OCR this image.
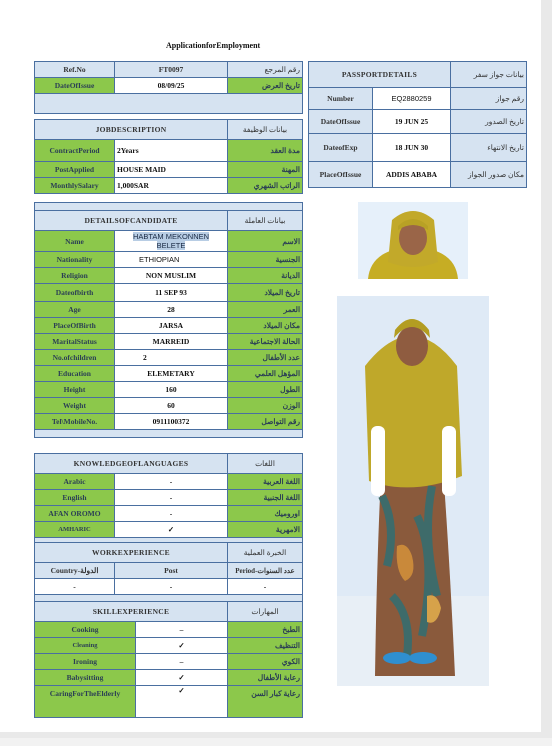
ApplicationforEmployment
Ref.No	FT0097	رقم المرجع
DateOfIssue	08/09/25	تاريخ العرض

JOBDESCRIPTION		بيانات الوظيفة
ContractPeriod	2Years	مدة العقد
PostApplied	HOUSE MAID	المهنة
MonthlySalary	1,000SAR	الراتب الشهري
PASSPORTDETAILS		بيانات جواز سفر
Number	EQ2880259	رقم جواز
DateOfIssue	19 JUN 25	تاريخ الصدور
DateofExp	18 JUN 30	تاريخ الانتهاء
PlaceOfIssue	ADDIS ABABA	مكان صدور الجواز

DETAILSOFCANDIDATE		بيانات العاملة
Name	HABTAM MEKONNEN BELETE	الاسم
Nationality	ETHIOPIAN	الجنسية
Religion	NON MUSLIM	الديانة
Dateofbirth	11 SEP 93	تاريخ الميلاد
Age	28	العمر
PlaceOfBirth	JARSA	مكان الميلاد
MaritalStatus	MARREID	الحالة الاجتماعية
No.ofchildren	2	عدد الأطفال
Education	ELEMETARY	المؤهل العلمي
Height	160	الطول
Weight	60	الوزن
Tel\MobileNo.	0911100372	رقم التواصل

KNOWLEDGEOFLANGUAGES		اللغات
Arabic	-	اللغة العربية
English	-	اللغة الجنبية
AFAN OROMO	-	اوروميك
AMHARIC	✓	الامهرية

WORKEXPERIENCE		الخبرة العملية
Country-الدولة	Post	Period-عدد السنوات
-	-	-

SKILLEXPERIENCE		المهارات
Cooking	–	الطبخ
Cleaning	✓	التنظيف
Ironing	–	الكوي
Babysitting	✓	رعاية الأطفال
CaringForTheElderly	✓	رعاية كبار السن
